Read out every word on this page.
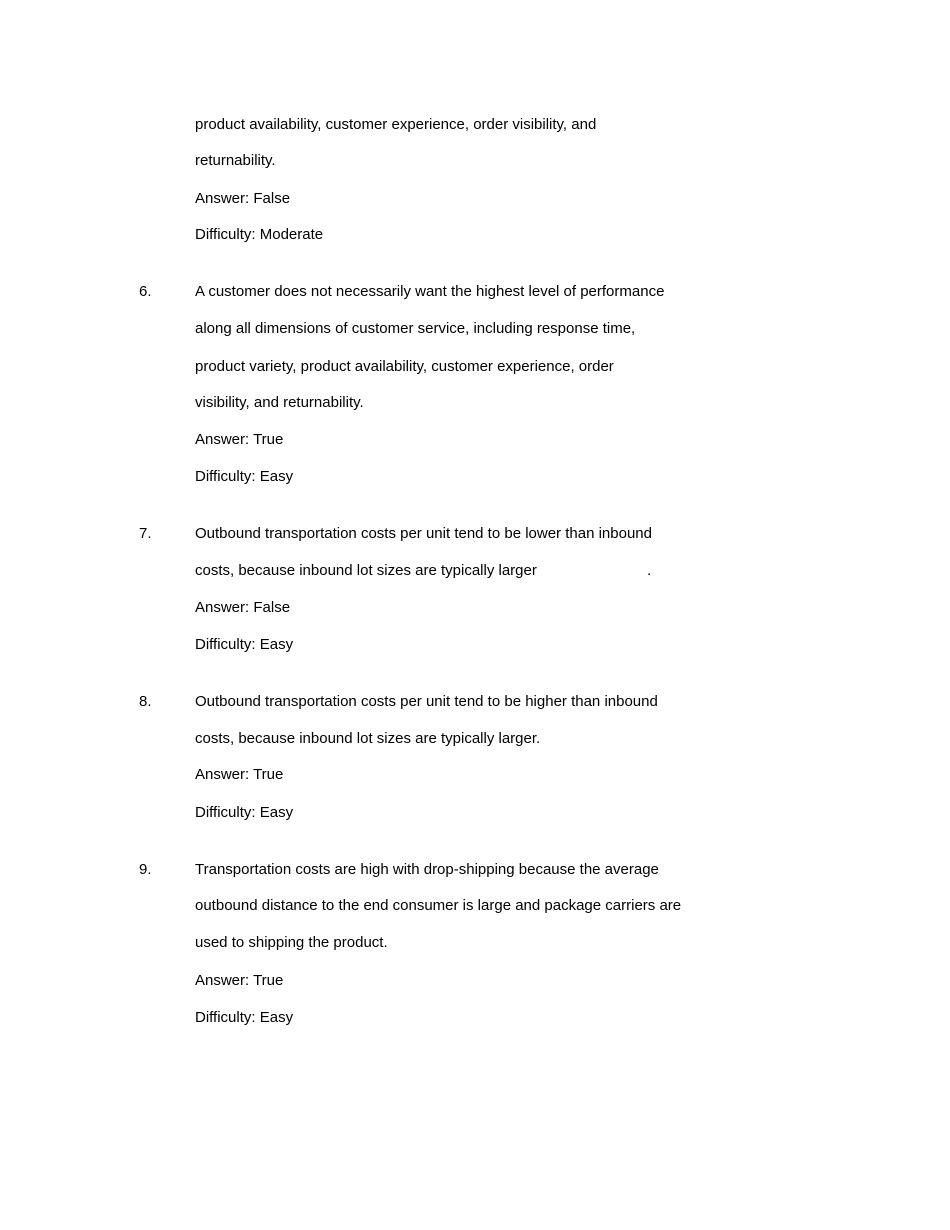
product availability, customer experience, order visibility, and
returnability.
Answer: False
Difficulty: Moderate
6.	A customer does not necessarily want the highest level of performance
along all dimensions of customer service, including response time,
product variety, product availability, customer experience, order
visibility, and returnability.
Answer: True
Difficulty: Easy
7.	Outbound transportation costs per unit tend to be lower than inbound
costs, because inbound lot sizes are typically larger	.
Answer: False
Difficulty: Easy
8.	Outbound transportation costs per unit tend to be higher than inbound
costs, because inbound lot sizes are typically larger.
Answer: True
Difficulty: Easy
9.	Transportation costs are high with drop-shipping because the average
outbound distance to the end consumer is large and package carriers are
used to shipping the product.
Answer: True
Difficulty: Easy
